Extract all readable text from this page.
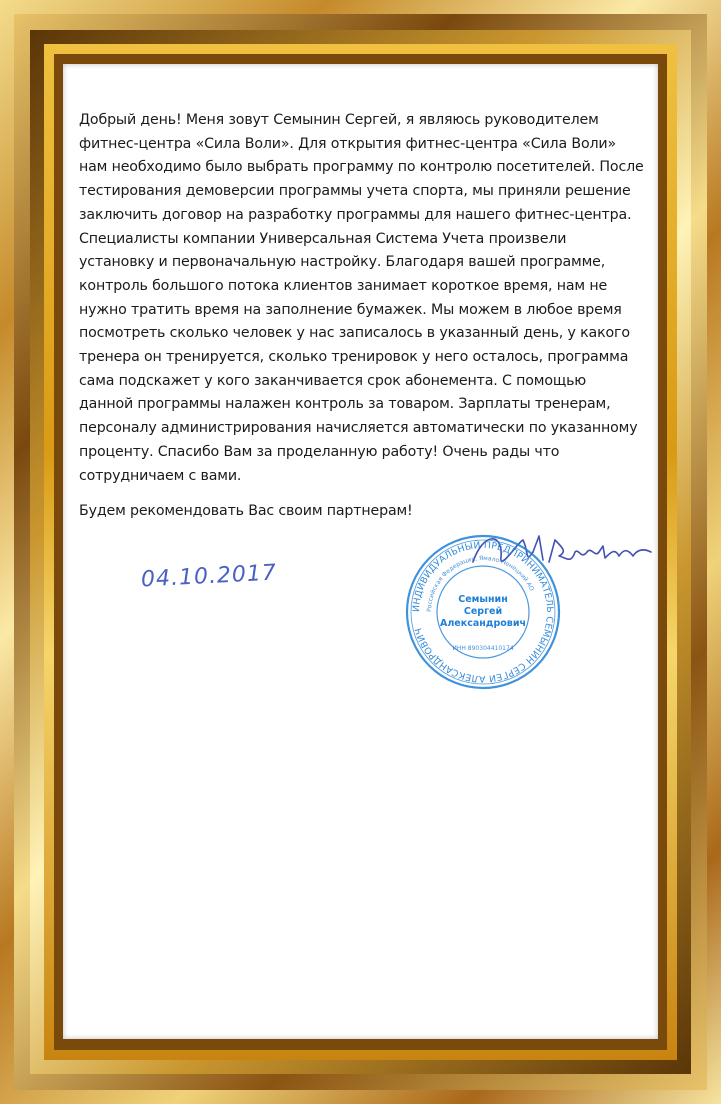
Добрый день! Меня зовут Семынин Сергей, я являюсь руководителем фитнес-центра «Сила Воли». Для открытия фитнес-центра «Сила Воли» нам необходимо было выбрать программу по контролю посетителей. После тестирования демоверсии программы учета спорта, мы приняли решение заключить договор на разработку программы для нашего фитнес-центра. Специалисты компании Универсальная Система Учета произвели установку и первоначальную настройку. Благодаря вашей программе, контроль большого потока клиентов занимает короткое время, нам не нужно тратить время на заполнение бумажек. Мы можем в любое время посмотреть сколько человек у нас записалось в указанный день, у какого тренера он тренируется, сколько тренировок у него осталось, программа сама подскажет у кого заканчивается срок абонемента. С помощью данной программы налажен контроль за товаром. Зарплаты тренерам, персоналу администрирования начисляется автоматически по указанному проценту. Спасибо Вам за проделанную работу! Очень рады что сотрудничаем с вами.

Будем рекомендовать Вас своим партнерам!

04.10.2017
ИНДИВИДУАЛЬНЫЙ ПРЕДПРИНИМАТЕЛЬ СЕМЫНИН СЕРГЕЙ АЛЕКСАНДРОВИЧ
Российская Федерация, Ямало-Ненецкий АО
ИНН 890304410174
Семынин
Сергей
Александрович
